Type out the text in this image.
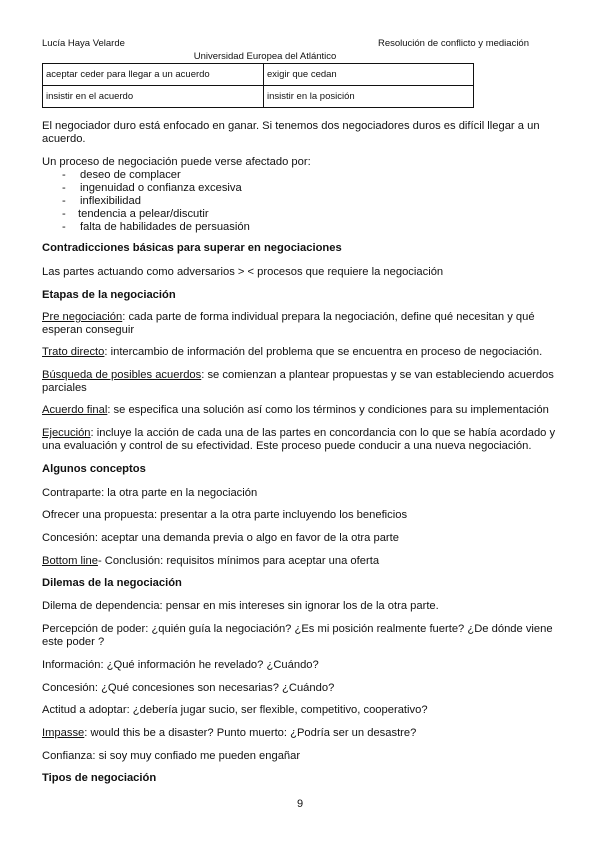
Lucía Haya Velarde	Resolución de conflicto y mediación
Universidad Europea del Atlántico
aceptar ceder para llegar a un acuerdo	exigir que cedan
insistir en el acuerdo	insistir en la posición

El negociador duro está enfocado en ganar. Si tenemos dos negociadores duros es difícil llegar a un acuerdo.

Un proceso de negociación puede verse afectado por:

- deseo de complacer
- ingenuidad o confianza excesiva
- inflexibilidad
- tendencia a pelear/discutir
- falta de habilidades de persuasión
Contradicciones básicas para superar en negociaciones

Las partes actuando como adversarios > < procesos que requiere la negociación

Etapas de la negociación

Pre negociación: cada parte de forma individual prepara la negociación, define qué necesitan y qué esperan conseguir

Trato directo: intercambio de información del problema que se encuentra en proceso de negociación.

Búsqueda de posibles acuerdos: se comienzan a plantear propuestas y se van estableciendo acuerdos parciales

Acuerdo final: se especifica una solución así como los términos y condiciones para su implementación

Ejecución: incluye la acción de cada una de las partes en concordancia con lo que se había acordado y una evaluación y control de su efectividad. Este proceso puede conducir a una nueva negociación.

Algunos conceptos

Contraparte: la otra parte en la negociación

Ofrecer una propuesta: presentar a la otra parte incluyendo los beneficios

Concesión: aceptar una demanda previa o algo en favor de la otra parte

Bottom line- Conclusión: requisitos mínimos para aceptar una oferta

Dilemas de la negociación

Dilema de dependencia: pensar en mis intereses sin ignorar los de la otra parte.

Percepción de poder: ¿quién guía la negociación? ¿Es mi posición realmente fuerte? ¿De dónde viene este poder ?

Información: ¿Qué información he revelado? ¿Cuándo?

Concesión: ¿Qué concesiones son necesarias? ¿Cuándo?

Actitud a adoptar: ¿debería jugar sucio, ser flexible, competitivo, cooperativo?

Impasse: would this be a disaster? Punto muerto: ¿Podría ser un desastre?

Confianza: si soy muy confiado me pueden engañar

Tipos de negociación
9
